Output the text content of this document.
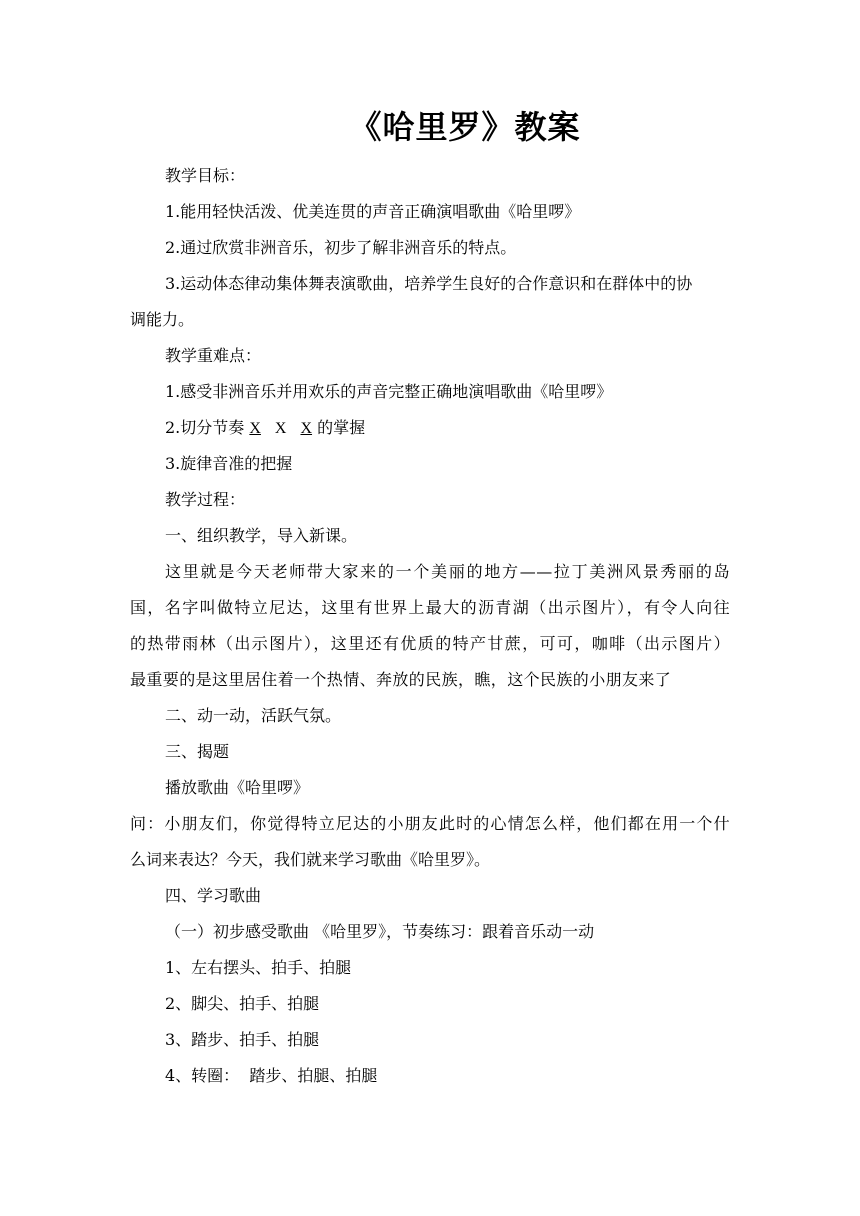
《哈里罗》教案
教学目标：
1.能用轻快活泼、优美连贯的声音正确演唱歌曲《哈里啰》
2.通过欣赏非洲音乐，初步了解非洲音乐的特点。
3.运动体态律动集体舞表演歌曲，培养学生良好的合作意识和在群体中的协
调能力。
教学重难点：
1.感受非洲音乐并用欢乐的声音完整正确地演唱歌曲《哈里啰》
2.切分节奏 X X X 的掌握
3.旋律音准的把握
教学过程：
一、组织教学，导入新课。
这里就是今天老师带大家来的一个美丽的地方——拉丁美洲风景秀丽的岛
国，名字叫做特立尼达，这里有世界上最大的沥青湖（出示图片），有令人向往
的热带雨林（出示图片），这里还有优质的特产甘蔗，可可，咖啡（出示图片）
最重要的是这里居住着一个热情、奔放的民族，瞧，这个民族的小朋友来了
二、动一动，活跃气氛。
三、揭题
播放歌曲《哈里啰》
问：小朋友们，你觉得特立尼达的小朋友此时的心情怎么样，他们都在用一个什
么词来表达？今天，我们就来学习歌曲《哈里罗》。
四、学习歌曲
（一）初步感受歌曲 《哈里罗》，节奏练习：跟着音乐动一动
1、左右摆头、拍手、拍腿
2、脚尖、拍手、拍腿
3、踏步、拍手、拍腿
4、转圈：  踏步、拍腿、拍腿
